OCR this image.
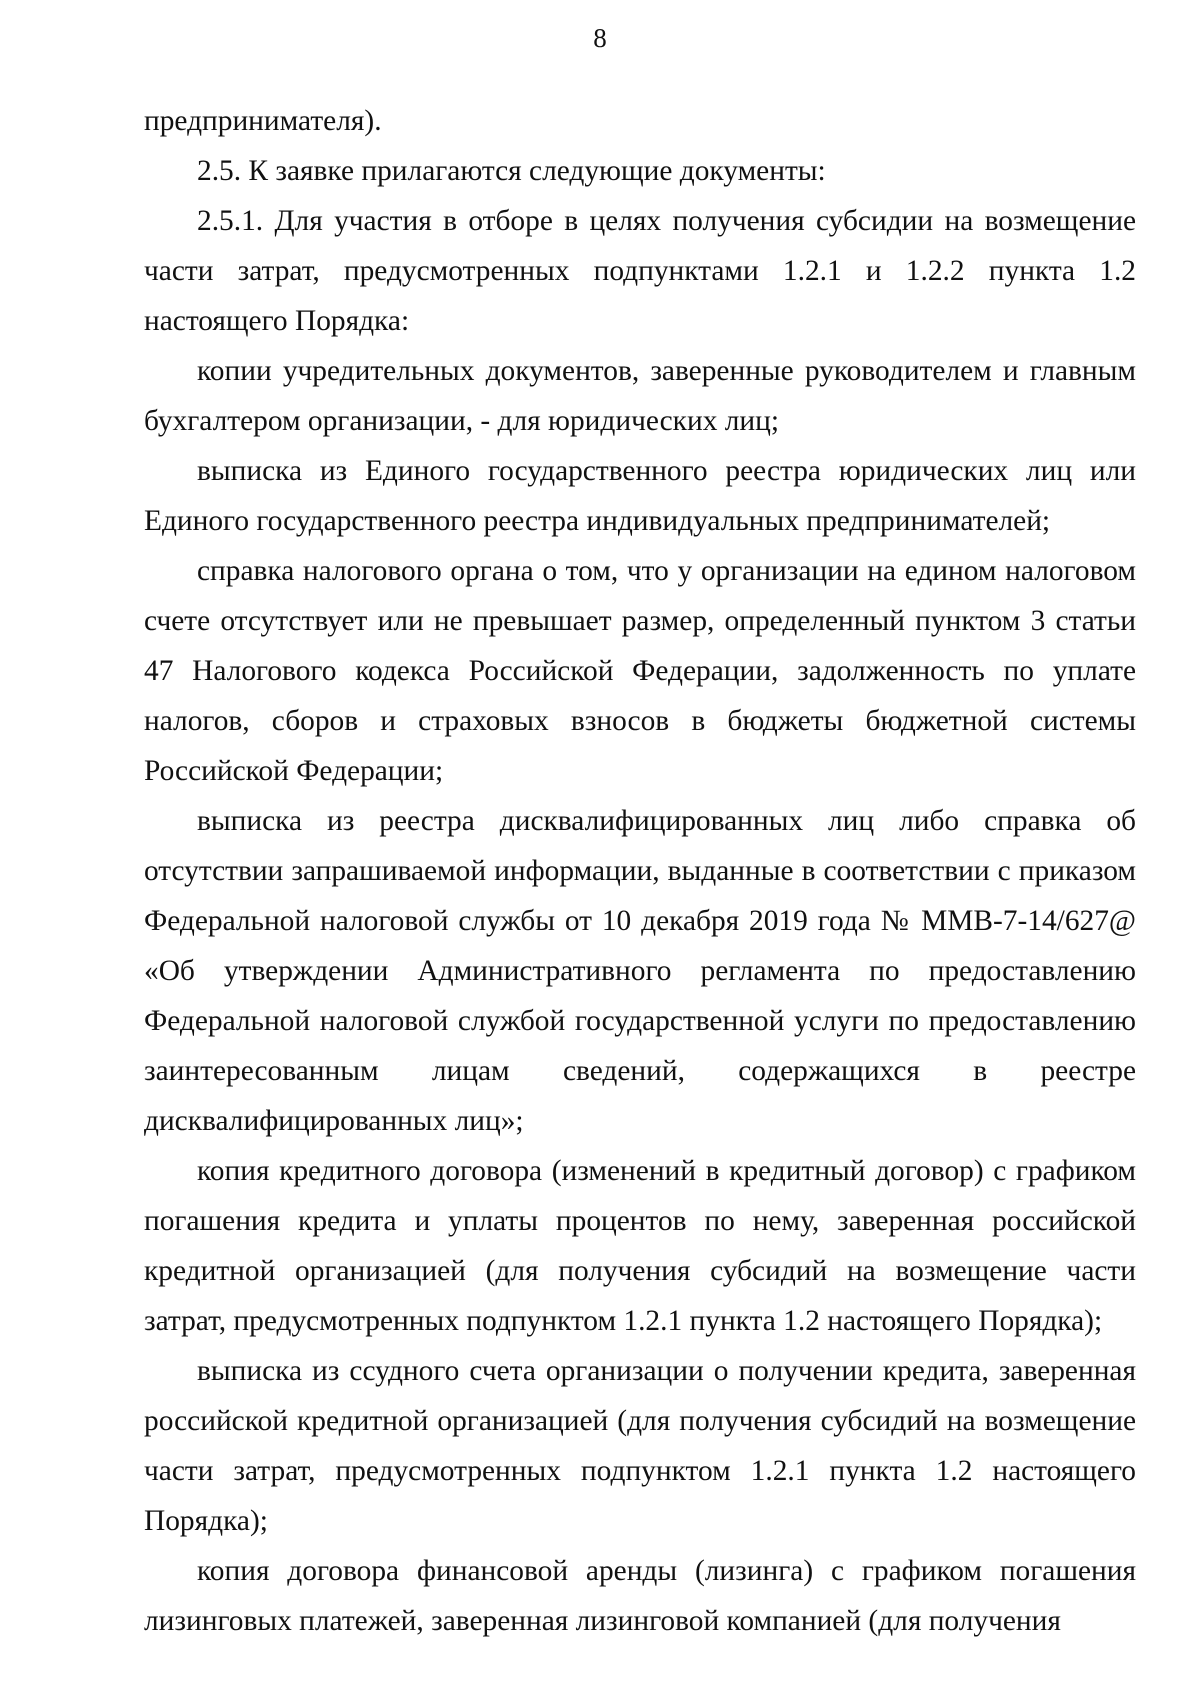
8

предпринимателя).

2.5. К заявке прилагаются следующие документы:

2.5.1. Для участия в отборе в целях получения субсидии на возмещение части затрат, предусмотренных подпунктами 1.2.1 и 1.2.2 пункта 1.2 настоящего Порядка:

копии учредительных документов, заверенные руководителем и главным бухгалтером организации, - для юридических лиц;

выписка из Единого государственного реестра юридических лиц или Единого государственного реестра индивидуальных предпринимателей;

справка налогового органа о том, что у организации на едином налоговом счете отсутствует или не превышает размер, определенный пунктом 3 статьи 47 Налогового кодекса Российской Федерации, задолженность по уплате налогов, сборов и страховых взносов в бюджеты бюджетной системы Российской Федерации;

выписка из реестра дисквалифицированных лиц либо справка об отсутствии запрашиваемой информации, выданные в соответствии с приказом Федеральной налоговой службы от 10 декабря 2019 года № ММВ-7-14/627@ «Об утверждении Административного регламента по предоставлению Федеральной налоговой службой государственной услуги по предоставлению заинтересованным лицам сведений, содержащихся в реестре дисквалифицированных лиц»;

копия кредитного договора (изменений в кредитный договор) с графиком погашения кредита и уплаты процентов по нему, заверенная российской кредитной организацией (для получения субсидий на возмещение части затрат, предусмотренных подпунктом 1.2.1 пункта 1.2 настоящего Порядка);

выписка из ссудного счета организации о получении кредита, заверенная российской кредитной организацией (для получения субсидий на возмещение части затрат, предусмотренных подпунктом 1.2.1 пункта 1.2 настоящего Порядка);

копия договора финансовой аренды (лизинга) с графиком погашения лизинговых платежей, заверенная лизинговой компанией (для получения
